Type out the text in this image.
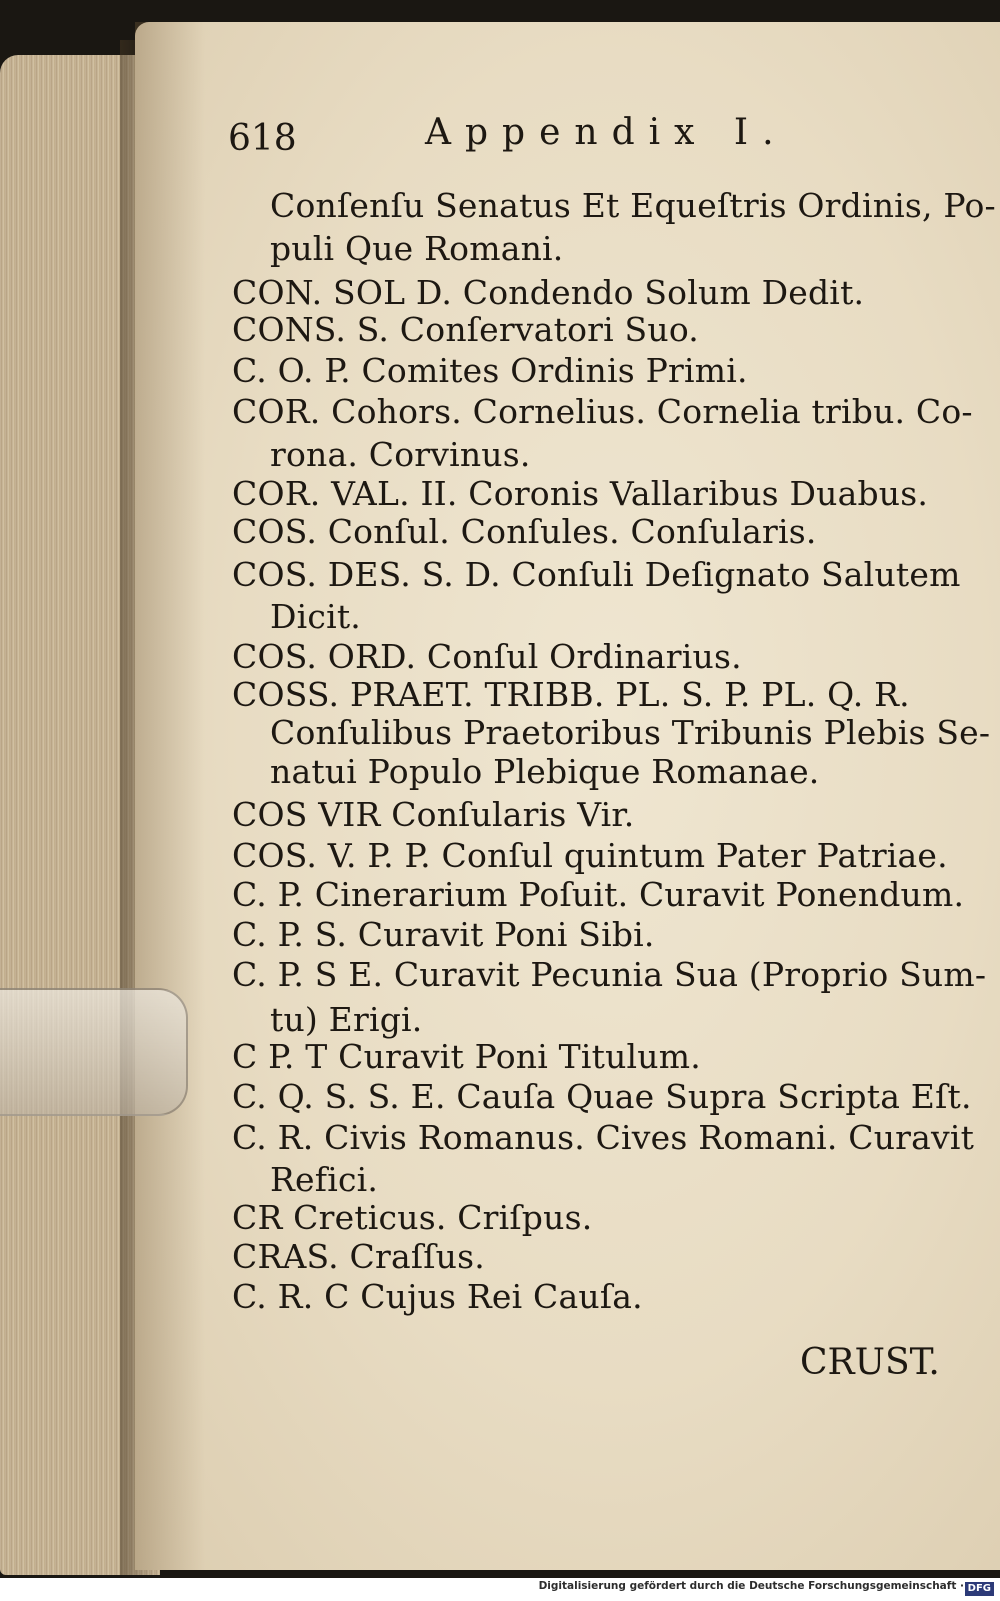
618	Appendix I.
Conſenſu Senatus Et Equeſtris Ordinis, Po-
puli Que Romani.
CON. SOL D. Condendo Solum Dedit.
CONS. S. Conſervatori Suo.
C. O. P. Comites Ordinis Primi.
COR. Cohors. Cornelius. Cornelia tribu. Co-
rona. Corvinus.
COR. VAL. II. Coronis Vallaribus Duabus.
COS. Conſul. Conſules. Conſularis.
COS. DES. S. D. Conſuli Deſignato Salutem
Dicit.
COS. ORD. Conſul Ordinarius.
COSS. PRAET. TRIBB. PL. S. P. PL. Q. R.
Conſulibus Praetoribus Tribunis Plebis Se-
natui Populo Plebique Romanae.
COS VIR Conſularis Vir.
COS. V. P. P. Conſul quintum Pater Patriae.
C. P. Cinerarium Poſuit. Curavit Ponendum.
C. P. S. Curavit Poni Sibi.
C. P. S E. Curavit Pecunia Sua (Proprio Sum-
tu) Erigi.
C P. T Curavit Poni Titulum.
C. Q. S. S. E. Cauſa Quae Supra Scripta Eſt.
C. R. Civis Romanus. Cives Romani. Curavit
Refici.
CR Creticus. Criſpus.
CRAS. Craſſus.
C. R. C Cujus Rei Cauſa.
CRUST.
Digitalisierung gefördert durch die Deutsche Forschungsgemeinschaft · DFG
